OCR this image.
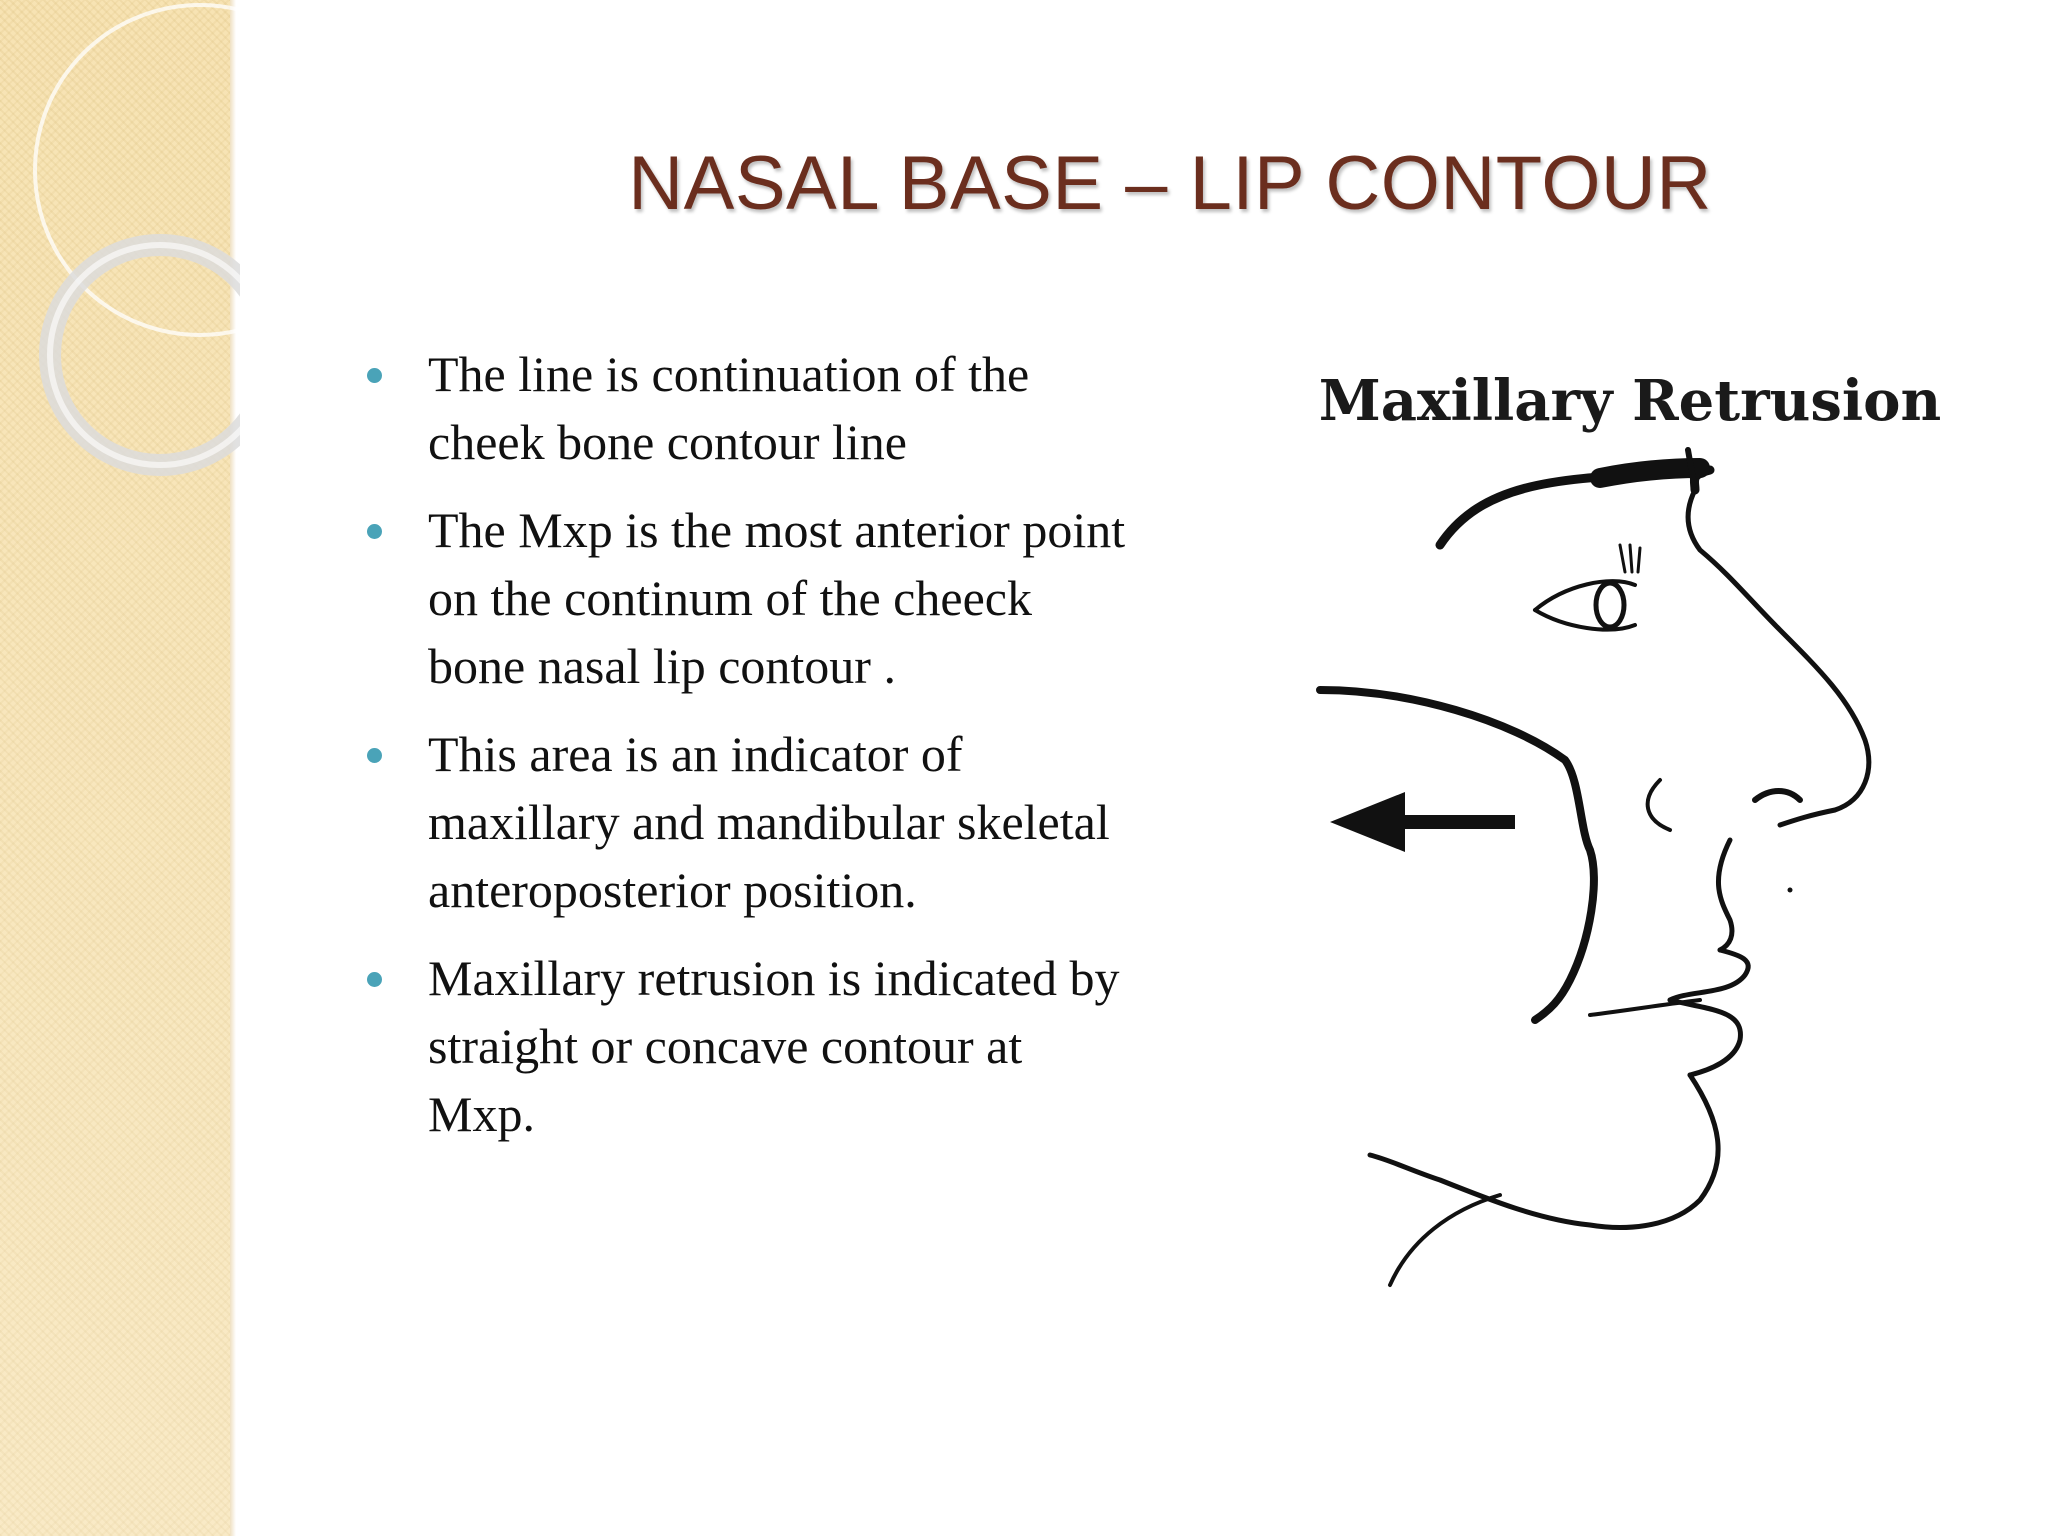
NASAL BASE – LIP CONTOUR
The line is continuation of the cheek bone contour line
The Mxp is the most anterior point on the continum of the cheeck bone nasal lip contour .
This area is an indicator of maxillary and mandibular skeletal anteroposterior position.
Maxillary retrusion is indicated by straight or concave contour at Mxp.
Maxillary Retrusion
